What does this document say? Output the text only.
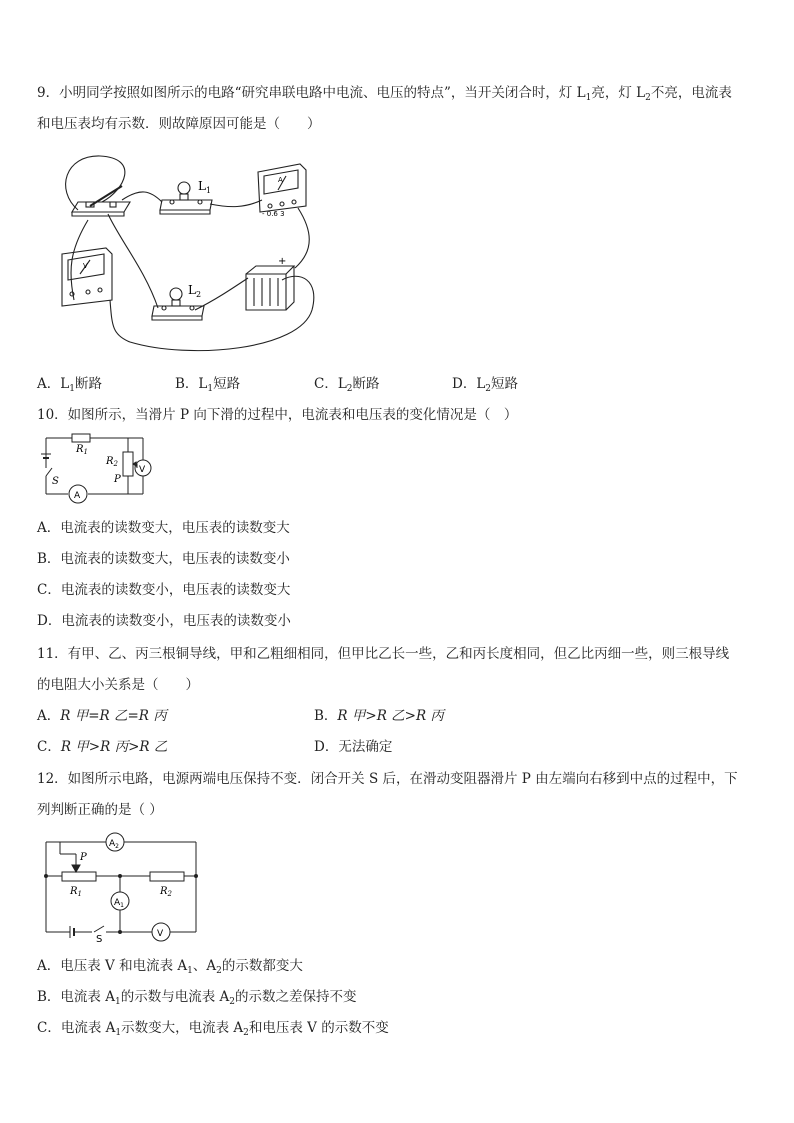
9．小明同学按照如图所示的电路“研究串联电路中电流、电压的特点”，当开关闭合时，灯 $L_1$亮，灯 $L_2$不亮，电流表
和电压表均有示数．则故障原因可能是（　　）
$L_1$
$L_2$
A
- 0.6 3
V	+
A．$L_1$断路	B．$L_1$短路	C．$L_2$断路	D．$L_2$短路
10．如图所示，当滑片 P 向下滑的过程中，电流表和电压表的变化情况是（　）
$R_1$
$R_2$
P
S
V
A
A．电流表的读数变大，电压表的读数变大
B．电流表的读数变大，电压表的读数变小
C．电流表的读数变小，电压表的读数变大
D．电流表的读数变小，电压表的读数变小
11．有甲、乙、丙三根铜导线，甲和乙粗细相同，但甲比乙长一些，乙和丙长度相同，但乙比丙细一些，则三根导线
的电阻大小关系是（　　）
A．R 甲=R 乙=R 丙	B．R 甲>R 乙>R 丙
C．R 甲>R 丙>R 乙	D．无法确定
12．如图所示电路，电源两端电压保持不变．闭合开关 S 后，在滑动变阻器滑片 P 由左端向右移到中点的过程中，下
列判断正确的是（ ）
$A_2$
$A_1$
P
$R_1$	$R_2$
S	V
A．电压表 V 和电流表 $A_1$、$A_2$的示数都变大
B．电流表 $A_1$的示数与电流表 $A_2$的示数之差保持不变
C．电流表 $A_1$示数变大，电流表 $A_2$和电压表 V 的示数不变
